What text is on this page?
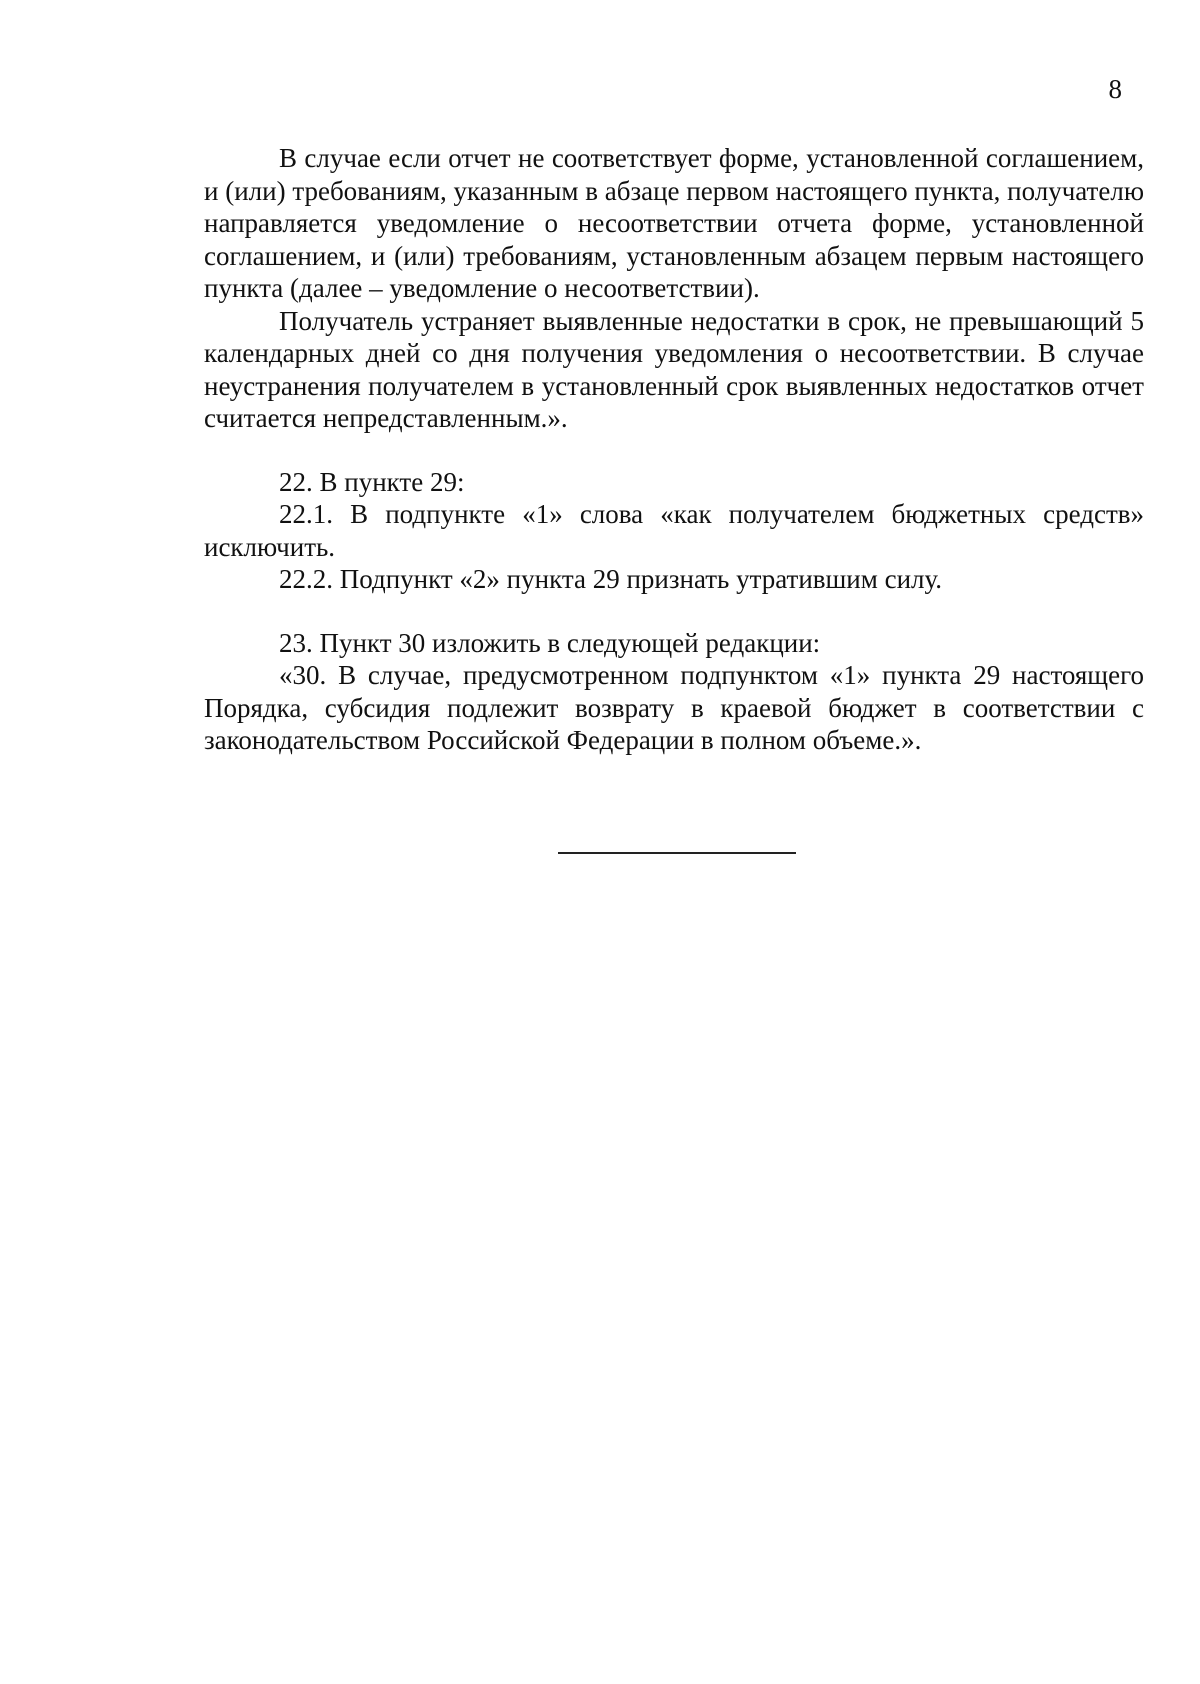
8

В случае если отчет не соответствует форме, установленной соглашением, и (или) требованиям, указанным в абзаце первом настоящего пункта, получателю направляется уведомление о несоответствии отчета форме, установленной соглашением, и (или) требованиям, установленным абзацем первым настоящего пункта (далее – уведомление о несоответствии).

Получатель устраняет выявленные недостатки в срок, не превышающий 5 календарных дней со дня получения уведомления о несоответствии. В случае неустранения получателем в установленный срок выявленных недостатков отчет считается непредставленным.».

22. В пункте 29:

22.1. В подпункте «1» слова «как получателем бюджетных средств» исключить.

22.2. Подпункт «2» пункта 29 признать утратившим силу.

23. Пункт 30 изложить в следующей редакции:

«30. В случае, предусмотренном подпунктом «1» пункта 29 настоящего Порядка, субсидия подлежит возврату в краевой бюджет в соответствии с законодательством Российской Федерации в полном объеме.».
